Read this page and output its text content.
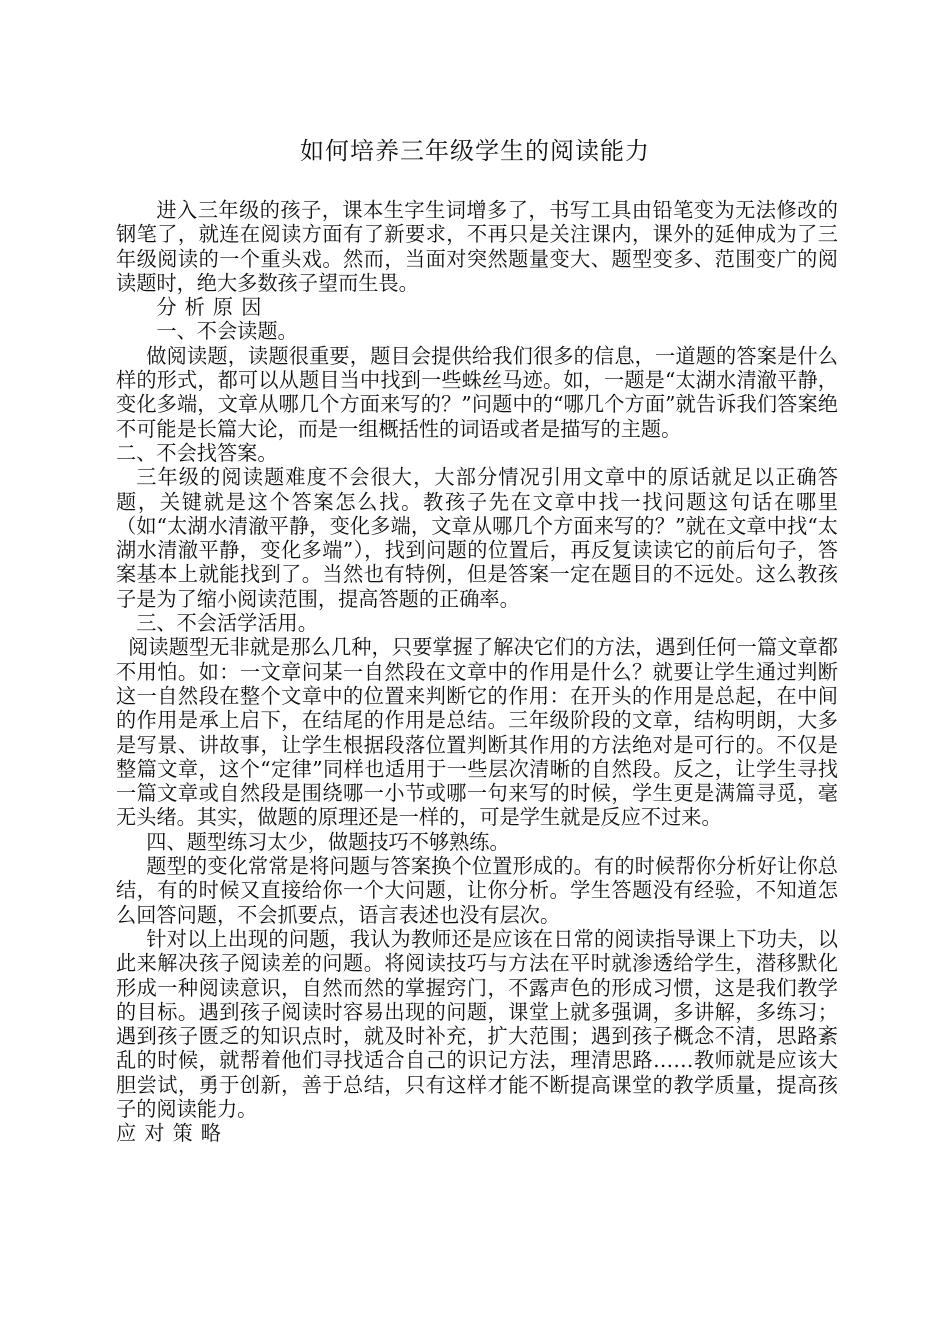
如何培养三年级学生的阅读能力

进入三年级的孩子，课本生字生词增多了，书写工具由铅笔变为无法修改的钢笔了，就连在阅读方面有了新要求，不再只是关注课内，课外的延伸成为了三年级阅读的一个重头戏。然而，当面对突然题量变大、题型变多、范围变广的阅读题时，绝大多数孩子望而生畏。

分析原因

一、不会读题。

做阅读题，读题很重要，题目会提供给我们很多的信息，一道题的答案是什么样的形式，都可以从题目当中找到一些蛛丝马迹。如，一题是“太湖水清澈平静，变化多端，文章从哪几个方面来写的？”问题中的“哪几个方面”就告诉我们答案绝不可能是长篇大论，而是一组概括性的词语或者是描写的主题。

二、不会找答案。

三年级的阅读题难度不会很大，大部分情况引用文章中的原话就足以正确答题，关键就是这个答案怎么找。教孩子先在文章中找一找问题这句话在哪里（如“太湖水清澈平静，变化多端，文章从哪几个方面来写的？”就在文章中找“太湖水清澈平静，变化多端”），找到问题的位置后，再反复读读它的前后句子，答案基本上就能找到了。当然也有特例，但是答案一定在题目的不远处。这么教孩子是为了缩小阅读范围，提高答题的正确率。

三、不会活学活用。

阅读题型无非就是那么几种，只要掌握了解决它们的方法，遇到任何一篇文章都不用怕。如：一文章问某一自然段在文章中的作用是什么？就要让学生通过判断这一自然段在整个文章中的位置来判断它的作用：在开头的作用是总起，在中间的作用是承上启下，在结尾的作用是总结。三年级阶段的文章，结构明朗，大多是写景、讲故事，让学生根据段落位置判断其作用的方法绝对是可行的。不仅是整篇文章，这个“定律”同样也适用于一些层次清晰的自然段。反之，让学生寻找一篇文章或自然段是围绕哪一小节或哪一句来写的时候，学生更是满篇寻觅，毫无头绪。其实，做题的原理还是一样的，可是学生就是反应不过来。

四、题型练习太少，做题技巧不够熟练。

题型的变化常常是将问题与答案换个位置形成的。有的时候帮你分析好让你总结，有的时候又直接给你一个大问题，让你分析。学生答题没有经验，不知道怎么回答问题，不会抓要点，语言表述也没有层次。

针对以上出现的问题，我认为教师还是应该在日常的阅读指导课上下功夫，以此来解决孩子阅读差的问题。将阅读技巧与方法在平时就渗透给学生，潜移默化形成一种阅读意识，自然而然的掌握窍门，不露声色的形成习惯，这是我们教学的目标。遇到孩子阅读时容易出现的问题，课堂上就多强调，多讲解，多练习；遇到孩子匮乏的知识点时，就及时补充，扩大范围；遇到孩子概念不清，思路紊乱的时候，就帮着他们寻找适合自己的识记方法，理清思路……教师就是应该大胆尝试，勇于创新，善于总结，只有这样才能不断提高课堂的教学质量，提高孩子的阅读能力。

应对策略
